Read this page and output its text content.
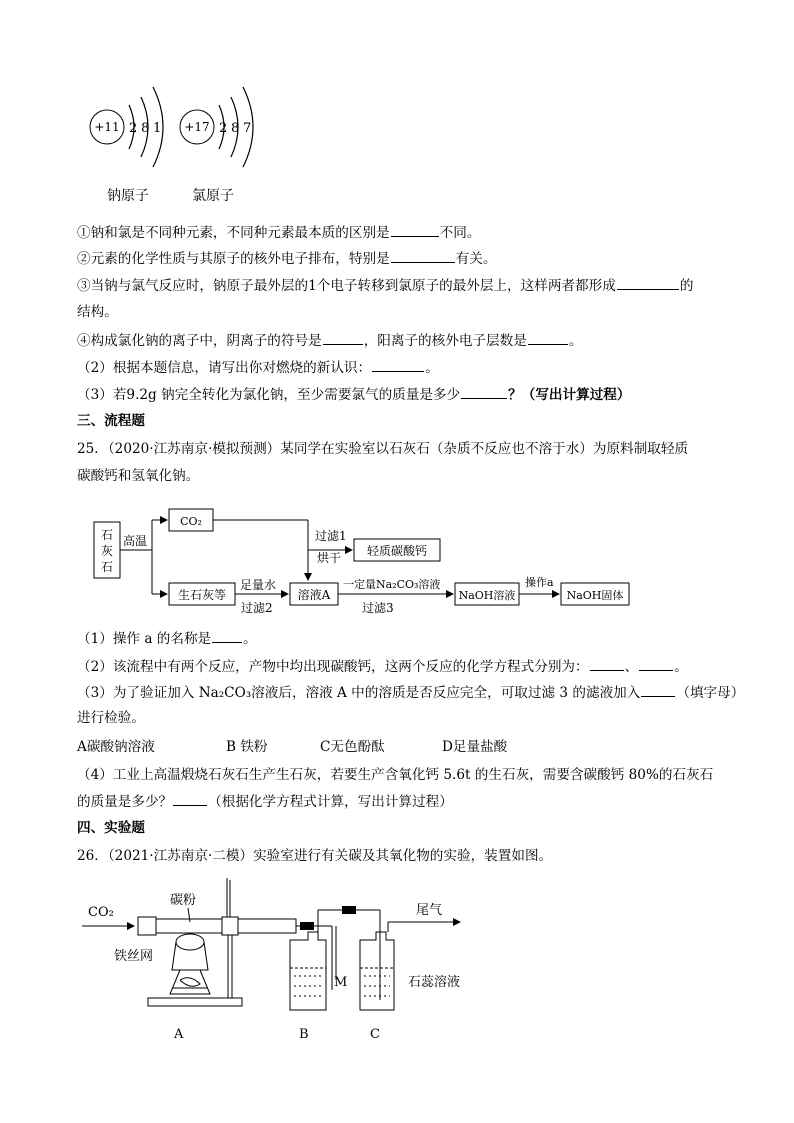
+11 2 8 1 +17 2 8 7
钠原子	氯原子
①钠和氯是不同种元素，不同种元素最本质的区别是	不同。
②元素的化学性质与其原子的核外电子排布，特别是	有关。
③当钠与氯气反应时，钠原子最外层的1个电子转移到氯原子的最外层上，这样两者都形成	的
结构。
④构成氯化钠的离子中，阴离子的符号是	，阳离子的核外电子层数是	。
（2）根据本题信息，请写出你对燃烧的新认识：	。
（3）若9.2g 钠完全转化为氯化钠，至少需要氯气的质量是多少	？（写出计算过程）
三、流程题
25．（2020·江苏南京·模拟预测）某同学在实验室以石灰石（杂质不反应也不溶于水）为原料制取轻质
碳酸钙和氢氧化钠。
石
灰
石
高温
CO₂
生石灰等
过滤1
烘干 轻质碳酸钙
足量水
过滤2
溶液A
一定量Na₂CO₃溶液
过滤3
NaOH溶液
操作a
NaOH固体
（1）操作 a 的名称是 。
（2）该流程中有两个反应，产物中均出现碳酸钙，这两个反应的化学方程式分别为：	、	。
（3）为了验证加入 Na₂CO₃溶液后，溶液 A 中的溶质是否反应完全，可取过滤 3 的滤液加入	（填字母）
进行检验。
A碳酸钠溶液	B 铁粉	C无色酚酞	D足量盐酸
（4）工业上高温煅烧石灰石生产生石灰，若要生产含氧化钙 5.6t 的生石灰，需要含碳酸钙 80%的石灰石
的质量是多少？	（根据化学方程式计算，写出计算过程）
四、实验题
26．（2021·江苏南京·二模）实验室进行有关碳及其氧化物的实验，装置如图。
CO₂
碳粉
铁丝网
A	B
M
C
石蕊溶液
尾气
